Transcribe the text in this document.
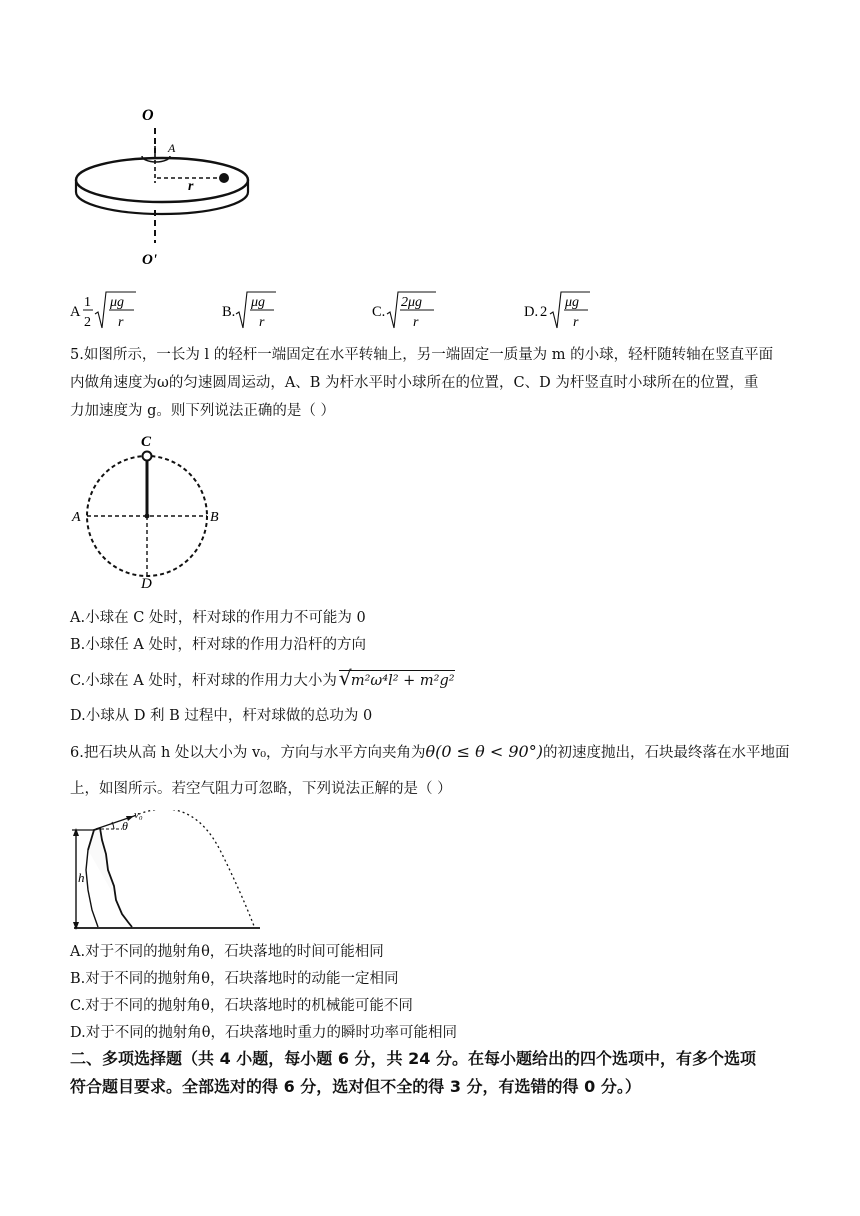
O
A
r
O'
A
1
2
μg
r
B.
μg
r
C.
2μg
r
D. 2
μg
r
5.如图所示，一长为 l 的轻杆一端固定在水平转轴上，另一端固定一质量为 m 的小球，轻杆随转轴在竖直平面
内做角速度为ω的匀速圆周运动，A、B 为杆水平时小球所在的位置，C、D 为杆竖直时小球所在的位置，重
力加速度为 g。则下列说法正确的是（ ）
C
A	B
D
A.小球在 C 处时，杆对球的作用力不可能为 0
B.小球任 A 处时，杆对球的作用力沿杆的方向
C.小球在 A 处时，杆对球的作用力大小为 √ m²ω⁴l² + m²g²
D.小球从 D 利 B 过程中，杆对球做的总功为 0
6.把石块从高 h 处以大小为 v₀，方向与水平方向夹角为θ(0 ≤ θ < 90°)的初速度抛出，石块最终落在水平地面
上，如图所示。若空气阻力可忽略，下列说法正解的是（ ）
h
v₀
θ
A.对于不同的抛射角θ，石块落地的时间可能相同
B.对于不同的抛射角θ，石块落地时的动能一定相同
C.对于不同的抛射角θ，石块落地时的机械能可能不同
D.对于不同的抛射角θ，石块落地时重力的瞬时功率可能相同
二、多项选择题（共 4 小题，每小题 6 分，共 24 分。在每小题给出的四个选项中，有多个选项
符合题目要求。全部选对的得 6 分，选对但不全的得 3 分，有选错的得 0 分。）
